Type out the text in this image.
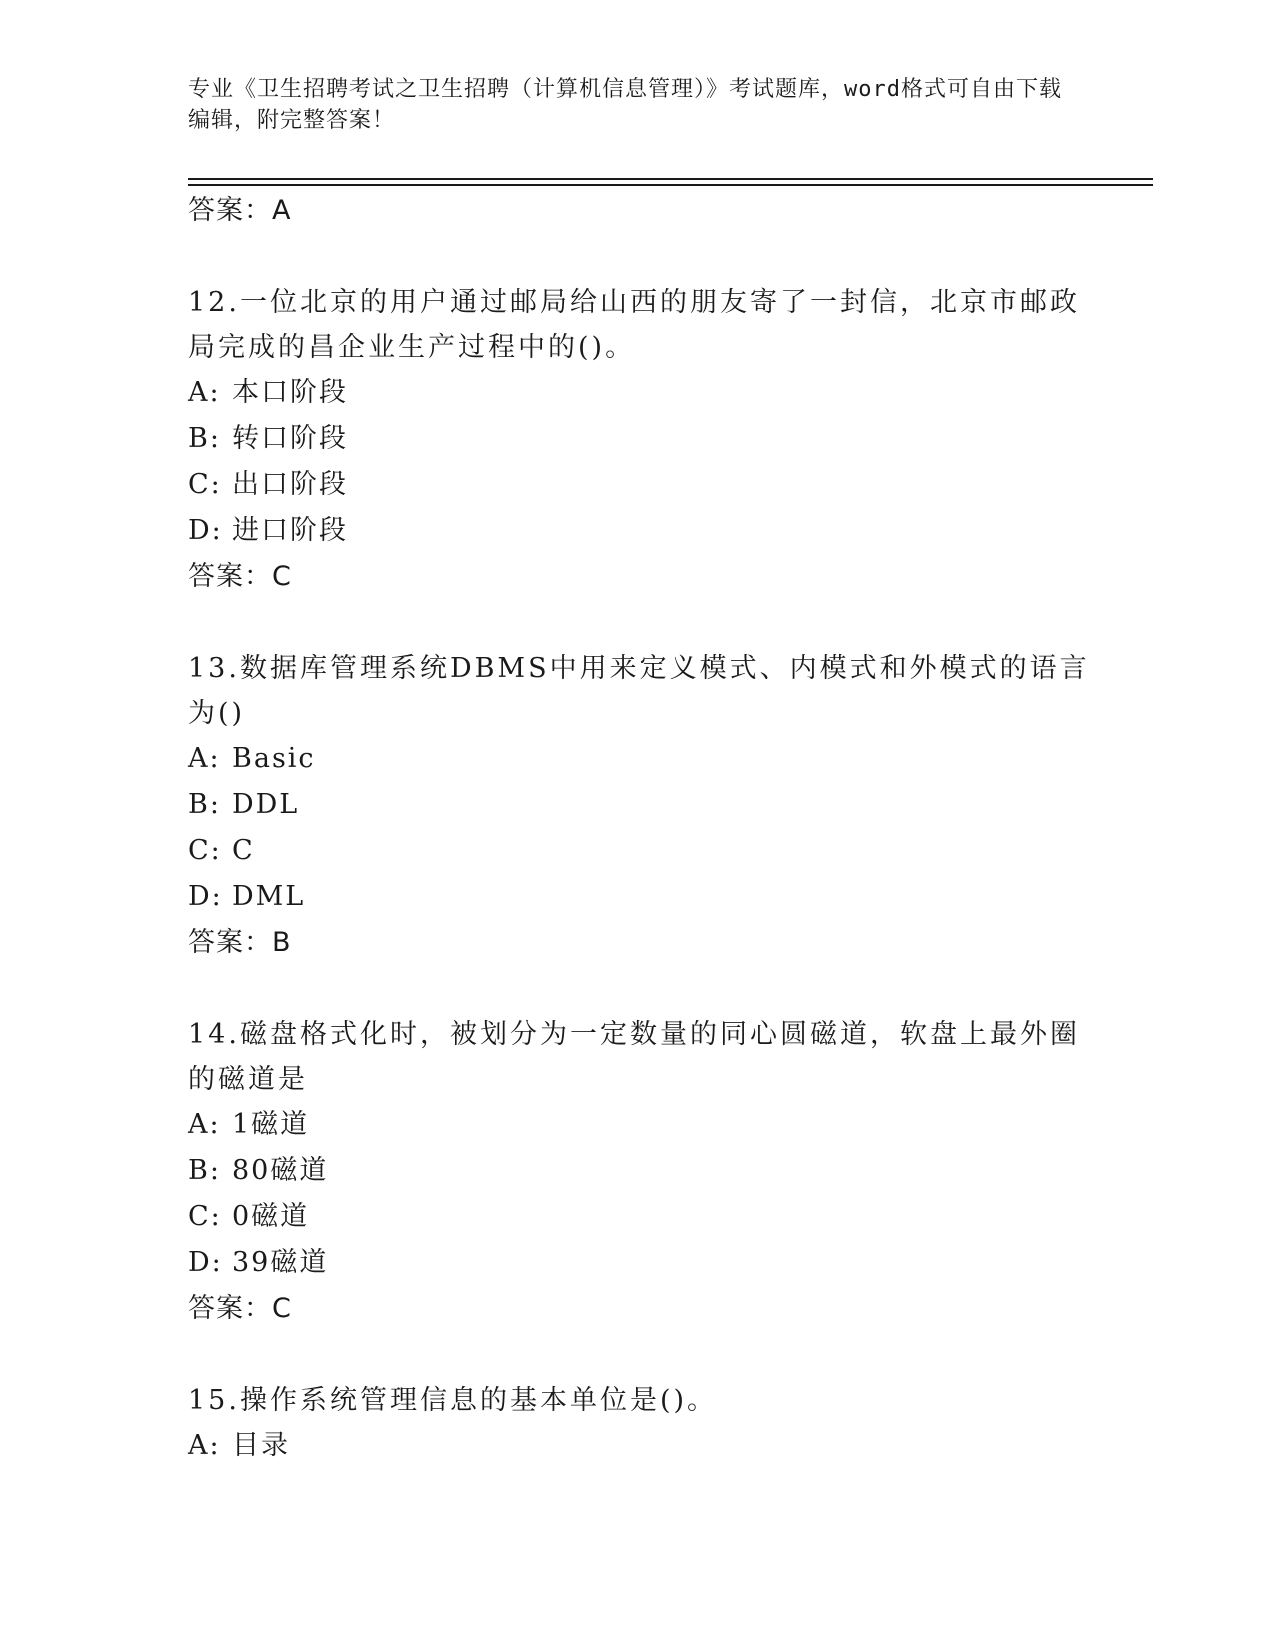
专业《卫生招聘考试之卫生招聘（计算机信息管理）》考试题库，word格式可自由下载编辑，附完整答案！
答案：A
12.一位北京的用户通过邮局给山西的朋友寄了一封信，北京市邮政局完成的昌企业生产过程中的()。
A: 本口阶段
B: 转口阶段
C: 出口阶段
D: 进口阶段
答案：C
13.数据库管理系统DBMS中用来定义模式、内模式和外模式的语言为()
A: Basic
B: DDL
C: C
D: DML
答案：B
14.磁盘格式化时，被划分为一定数量的同心圆磁道，软盘上最外圈的磁道是
A: 1磁道
B: 80磁道
C: 0磁道
D: 39磁道
答案：C
15.操作系统管理信息的基本单位是()。
A: 目录
